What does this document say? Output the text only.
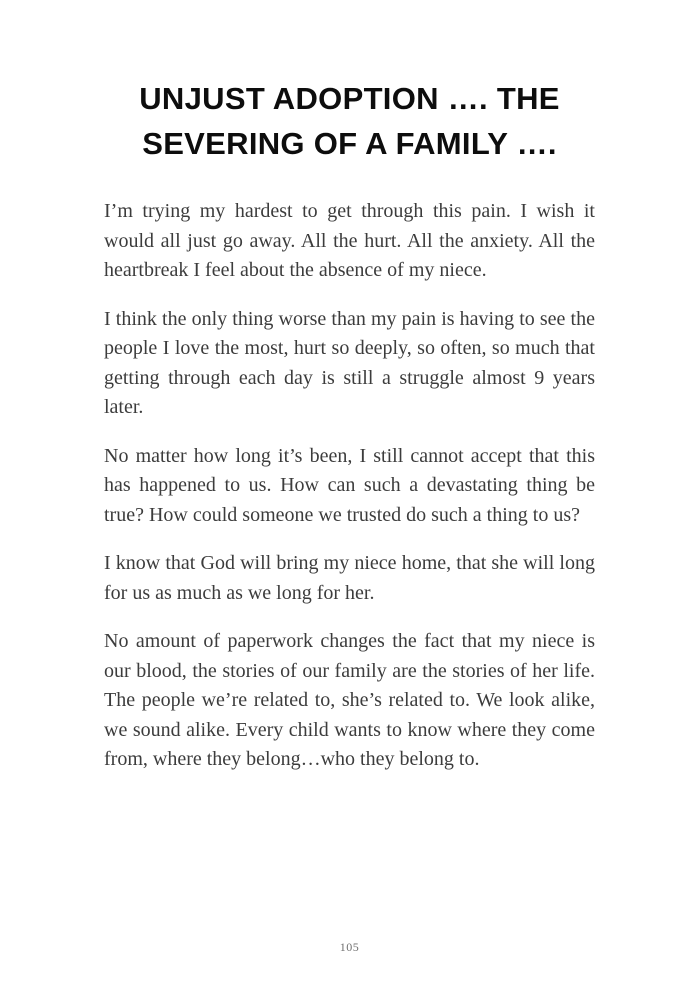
UNJUST ADOPTION …. THE
SEVERING OF A FAMILY ….

I’m trying my hardest to get through this pain. I wish it would all just go away. All the hurt. All the anxiety. All the heartbreak I feel about the absence of my niece.

I think the only thing worse than my pain is having to see the people I love the most, hurt so deeply, so often, so much that getting through each day is still a struggle almost 9 years later.

No matter how long it’s been, I still cannot accept that this has happened to us. How can such a devastating thing be true? How could someone we trusted do such a thing to us?

I know that God will bring my niece home, that she will long for us as much as we long for her.

No amount of paperwork changes the fact that my niece is our blood, the stories of our family are the stories of her life. The people we’re related to, she’s related to. We look alike, we sound alike. Every child wants to know where they come from, where they belong…who they belong to.

105
